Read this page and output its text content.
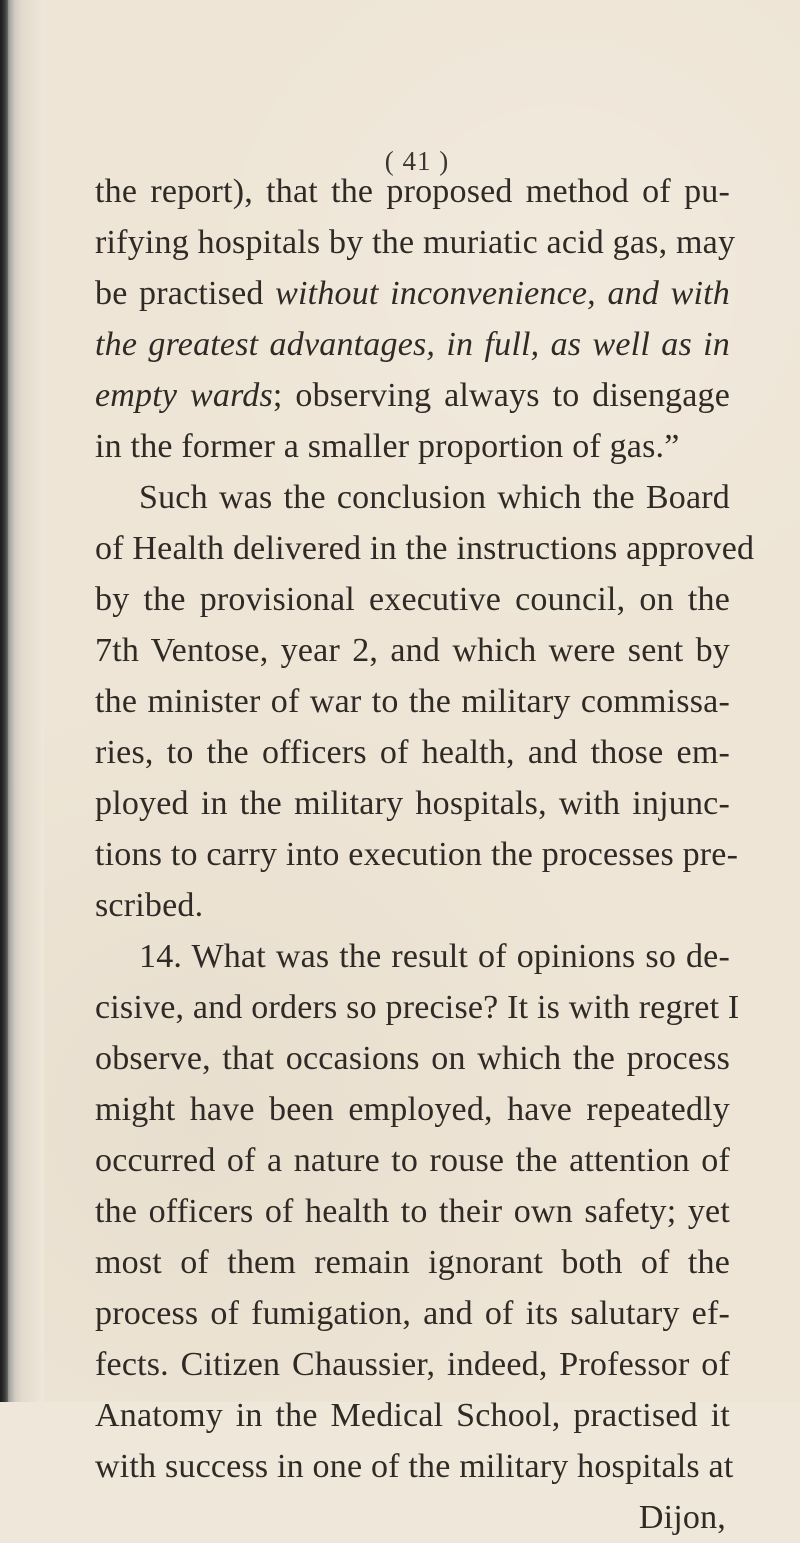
( 41 )
the report), that the proposed method of pu-
rifying hospitals by the muriatic acid gas, may
be practised without inconvenience, and with
the greatest advantages, in full, as well as in
empty wards; observing always to disengage
in the former a smaller proportion of gas.”
Such was the conclusion which the Board
of Health delivered in the instructions approved
by the provisional executive council, on the
7th Ventose, year 2, and which were sent by
the minister of war to the military commissa-
ries, to the officers of health, and those em-
ployed in the military hospitals, with injunc-
tions to carry into execution the processes pre-
scribed.
14. What was the result of opinions so de-
cisive, and orders so precise? It is with regret I
observe, that occasions on which the process
might have been employed, have repeatedly
occurred of a nature to rouse the attention of
the officers of health to their own safety; yet
most of them remain ignorant both of the
process of fumigation, and of its salutary ef-
fects. Citizen Chaussier, indeed, Professor of
Anatomy in the Medical School, practised it
with success in one of the military hospitals at
Dijon,
